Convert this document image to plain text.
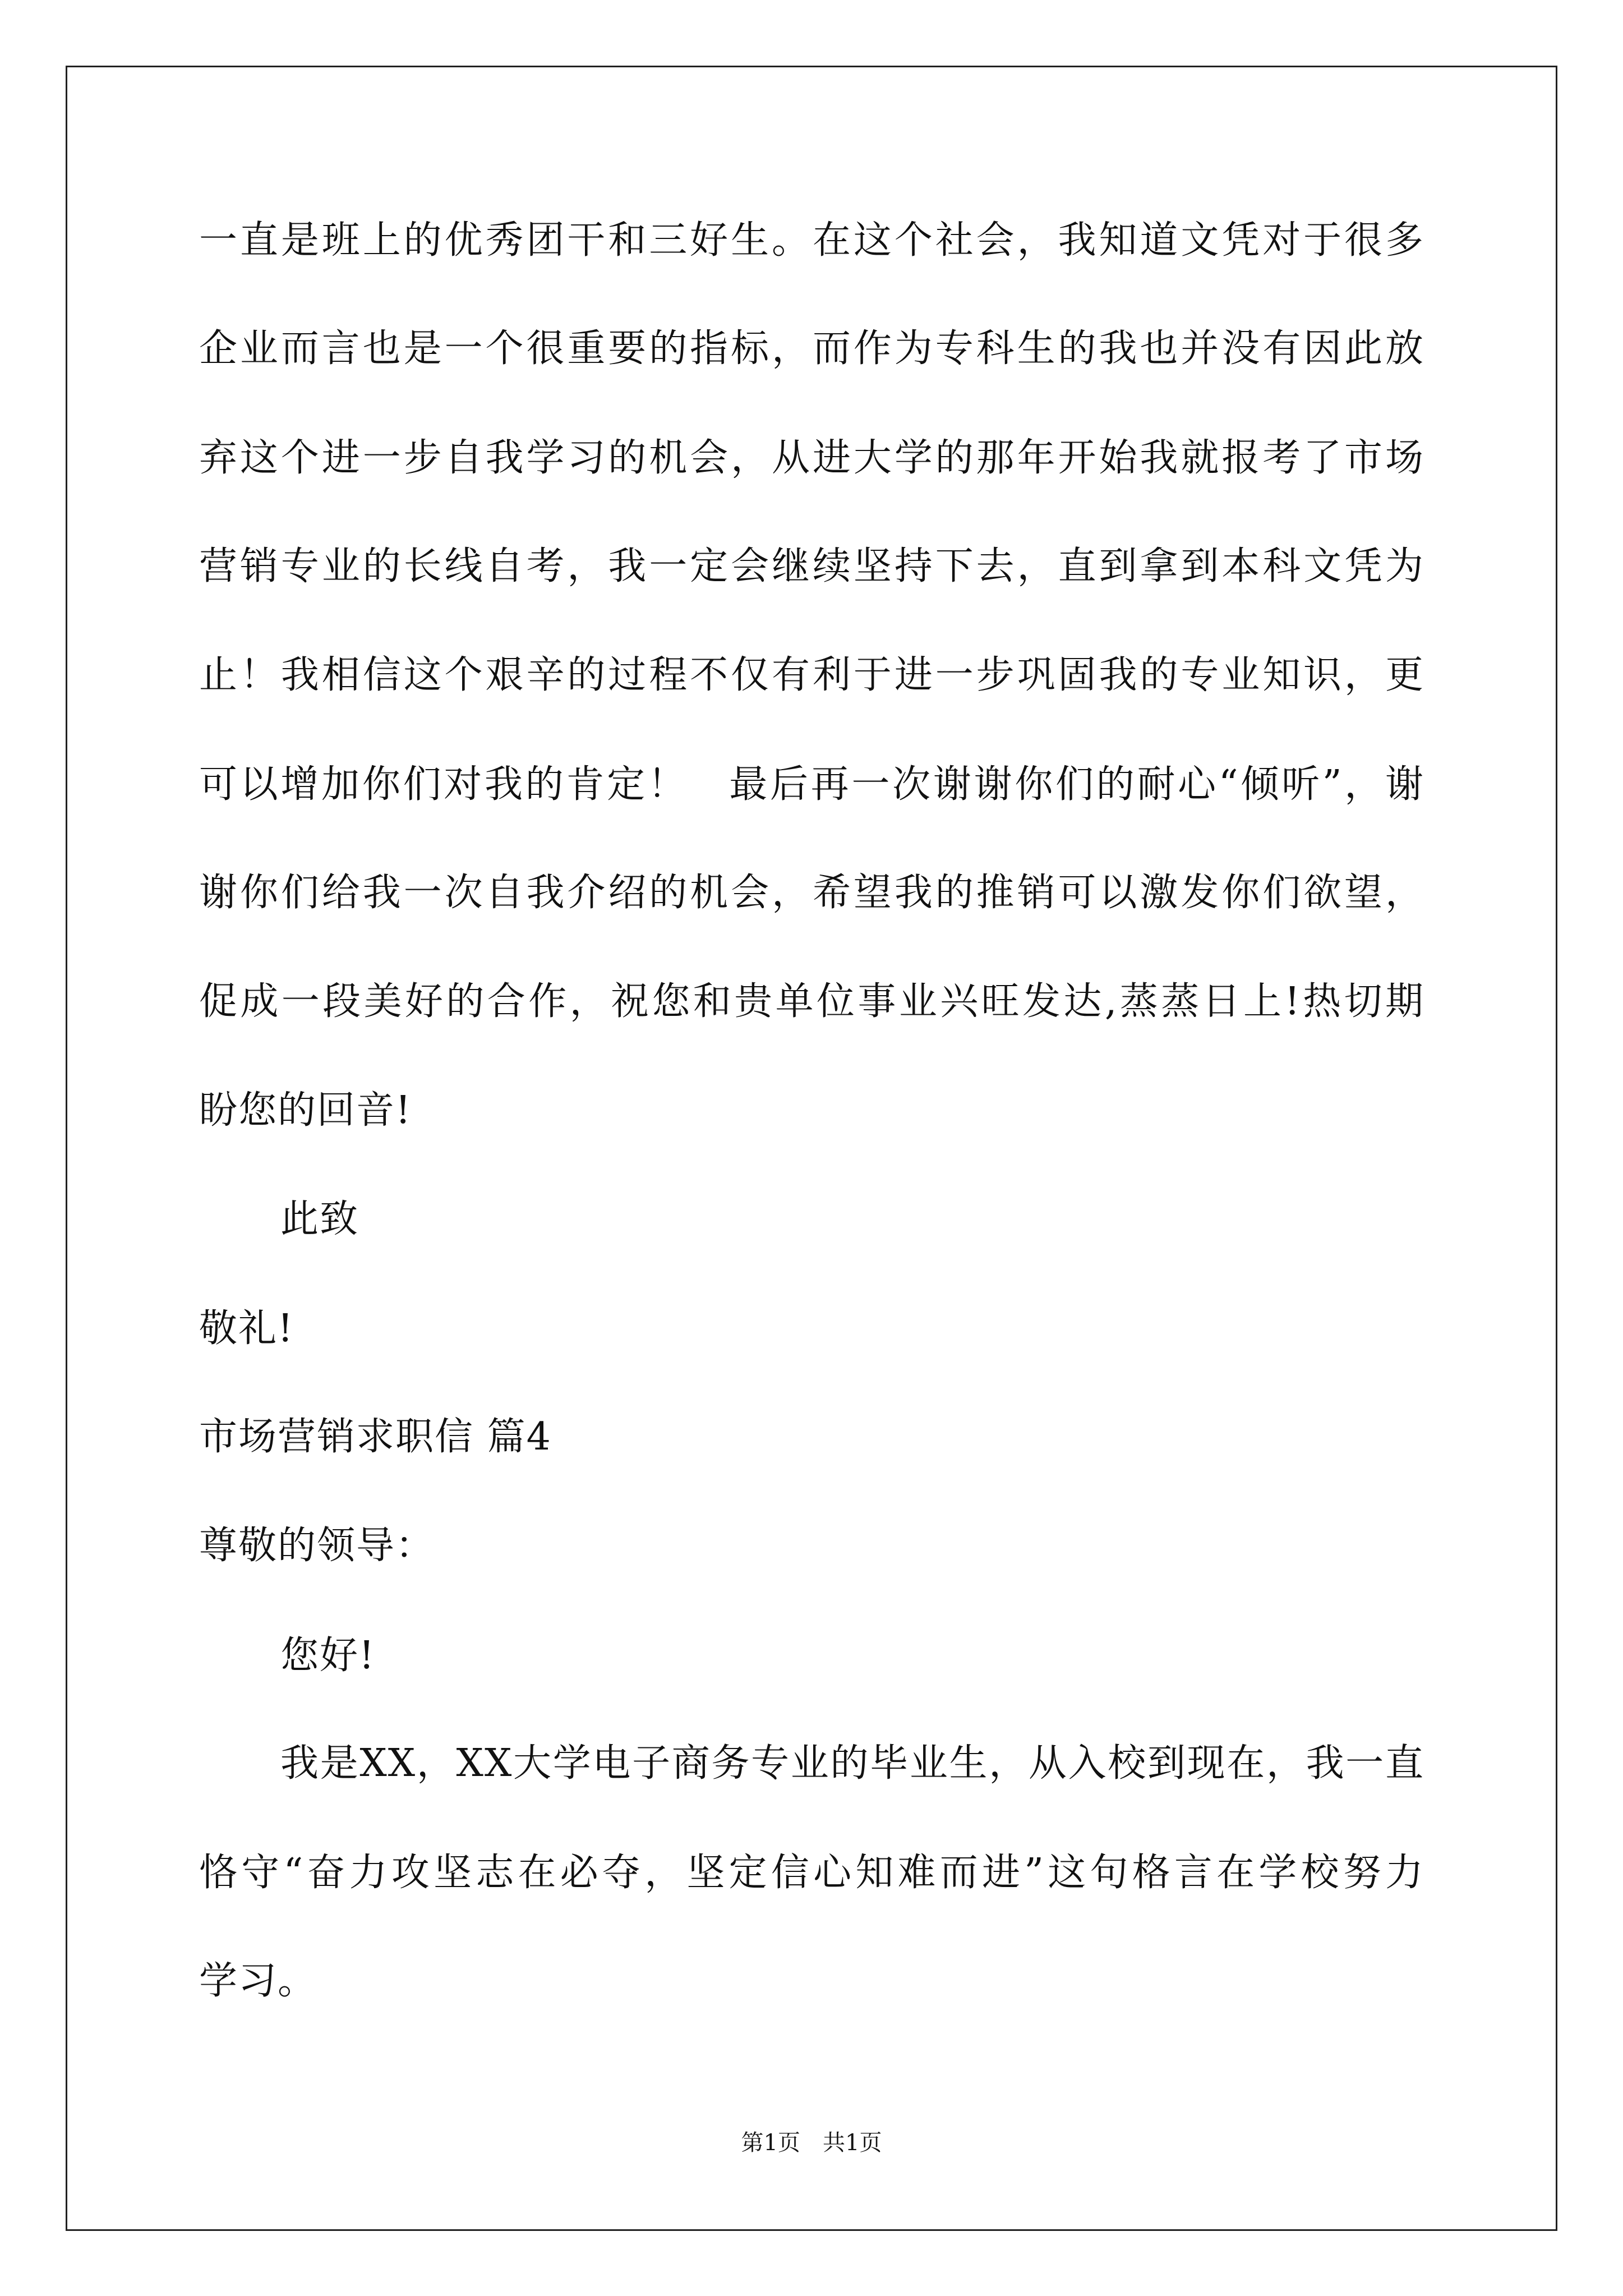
一直是班上的优秀团干和三好生。在这个社会，我知道文凭对于很多
企业而言也是一个很重要的指标，而作为专科生的我也并没有因此放
弃这个进一步自我学习的机会，从进大学的那年开始我就报考了市场
营销专业的长线自考，我一定会继续坚持下去，直到拿到本科文凭为
止！我相信这个艰辛的过程不仅有利于进一步巩固我的专业知识，更
可以增加你们对我的肯定！　最后再一次谢谢你们的耐心“倾听”，谢
谢你们给我一次自我介绍的机会，希望我的推销可以激发你们欲望，
促成一段美好的合作，祝您和贵单位事业兴旺发达,蒸蒸日上!热切期
盼您的回音!
此致
敬礼!
市场营销求职信 篇4
尊敬的领导：
您好!
我是XX，XX大学电子商务专业的毕业生，从入校到现在，我一直
恪守“奋力攻坚志在必夺，坚定信心知难而进”这句格言在学校努力
学习。
第1页　共1页
